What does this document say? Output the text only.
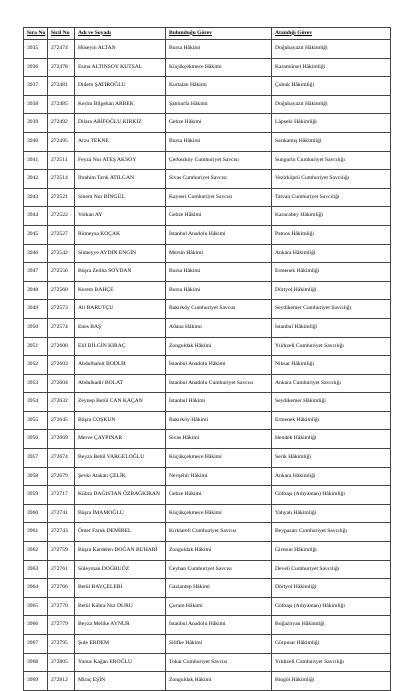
Sıra No	Sicil No	Adı ve Soyadı	Bulunduğu Görev	Atandığı Görev
3935	272474	Hüseyin ALTAN	Bursa Hâkimi	Doğubayazıt Hâkimliği
3936	272478	Esma ALTINSOY KUTSAL	Küçükçekmece Hâkimi	Karamürsel Hâkimliği
3937	272481	Didem ŞATIROĞLU	Kurtalan Hâkimi	Çubuk Hâkimliği
3938	272485	Kerim Bilgehan ARBEK	Şanlıurfa Hâkimi	Doğubayazıt Hâkimliği
3939	272492	Dilara ARİFOĞLU KIRKIZ	Gebze Hâkimi	Lâpseki Hâkimliği
3940	272495	Arzu TEKNE	Bursa Hâkimi	Sarıkamış Hâkimliği
3941	272511	Feyza Nur ATEŞ AKSOY	Çerkezköy Cumhuriyet Savcısı	Sungurlu Cumhuriyet Savcılığı
3942	272514	İbrahim Tarık ATILGAN	Sivas Cumhuriyet Savcısı	Vezirköprü Cumhuriyet Savcılığı
3943	272521	Sinem Nur BİNGÜL	Kayseri Cumhuriyet Savcısı	Tatvan Cumhuriyet Savcılığı
3944	272522	Volkan AY	Gebze Hâkimi	Karacabey Hâkimliği
3945	272527	Rümeysa KOÇAK	İstanbul Anadolu Hâkimi	Patnos Hâkimliği
3946	272542	Sümeyye AYDIN ENGİN	Mersin Hâkimi	Ankara Hâkimliği
3947	272556	Büşra Zeliha SOYDAN	Bursa Hâkimi	Ermenek Hâkimliği
3948	272560	Kerem BAHÇE	Bursa Hâkimi	Dörtyol Hâkimliği
3949	272573	Ali BARUTÇU	Bakırköy Cumhuriyet Savcısı	Seydikemer Cumhuriyet Savcılığı
3950	272574	Enes BAŞ	Adana Hâkimi	İstanbul Hâkimliği
3951	272600	Elif BİLGİN KIRAÇ	Zonguldak Hâkimi	Yıldızeli Cumhuriyet Savcılığı
3952	272603	Abdulhamit BODUR	İstanbul Anadolu Hâkimi	Niksar Hâkimliği
3953	272604	Abdulkadir BOLAT	İstanbul Anadolu Cumhuriyet Savcısı	Ankara Cumhuriyet Savcılığı
3954	272632	Zeynep Betül CAN KAÇAN	İstanbul Hâkimi	Seydikemer Hâkimliği
3955	272645	Büşra COŞKUN	Bakırköy Hâkimi	Ermenek Hâkimliği
3956	272669	Merve ÇAYPINAR	Sivas Hâkimi	Hendek Hâkimliği
3957	272674	Beyza Betül VARGELOĞLU	Küçükçekmece Hâkimi	Serik Hâkimliği
3958	272679	Şevki Atakan ÇELİK	Nevşehir Hâkimi	Ankara Hâkimliği
3959	272717	Kübra DAĞISTAN ÖZBAĞKIRAN	Gebze Hâkimi	Gölbaşı (Adıyaman) Hâkimliği
3960	272741	Büşra İMAMOĞLU	Küçükçekmece Hâkimi	Yahyalı Hâkimliği
3961	272743	Ömer Faruk DEMİREL	Kırklareli Cumhuriyet Savcısı	Beypazarı Cumhuriyet Savcılığı
3962	272759	Büşra Kardelen DOĞAN BUHARİ	Zonguldak Hâkimi	Giresun Hâkimliği
3963	272761	Süleyman DOĞRUÖZ	Ceyhan Cumhuriyet Savcısı	Develi Cumhuriyet Savcılığı
3964	272766	Betül BAYÇELEBİ	Gaziantep Hâkimi	Dörtyol Hâkimliği
3965	272770	Betül Kübra Nur DURU	Çorum Hâkimi	Gölbaşı (Adıyaman) Hâkimliği
3966	272779	Beyza Melike AYNUR	İstanbul Anadolu Hâkimi	Boğazlıyan Hâkimliği
3967	272795	Şule ERDEM	Silifke Hâkimi	Gürpınar Hâkimliği
3968	272805	Yunus Kağan EROĞLU	Tokat Cumhuriyet Savcısı	Yıldızeli Cumhuriyet Savcılığı
3969	272812	Miraç EŞİN	Zonguldak Hâkimi	Bingöl Hâkimliği
